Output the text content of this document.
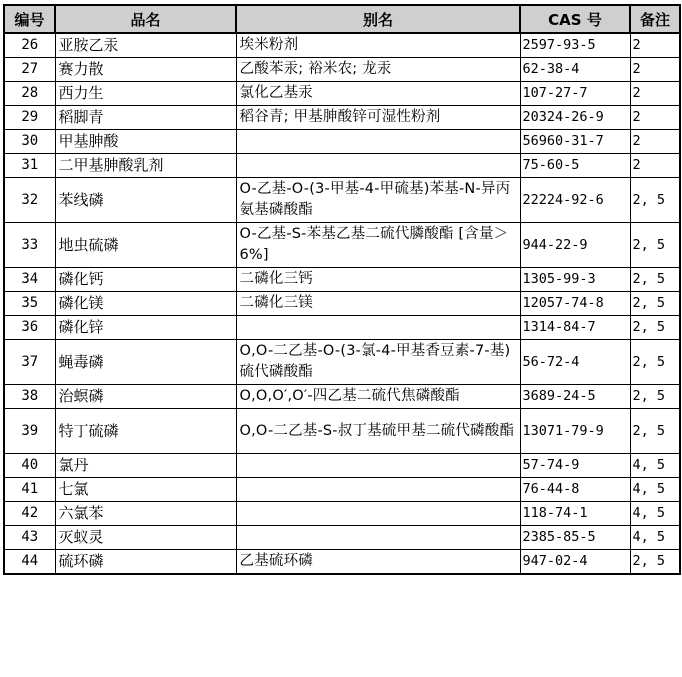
编号	品名	别名	CAS 号	备注
26	亚胺乙汞	埃米粉剂	2597-93-5	2
27	赛力散	乙酸苯汞; 裕米农; 龙汞	62-38-4	2
28	西力生	氯化乙基汞	107-27-7	2
29	稻脚青	稻谷青; 甲基胂酸锌可湿性粉剂	20324-26-9	2
30	甲基胂酸		56960-31-7	2
31	二甲基胂酸乳剂		75-60-5	2
32	苯线磷	O-乙基-O-(3-甲基-4-甲硫基)苯基-N-异丙氨基磷酸酯	22224-92-6	2, 5
33	地虫硫磷	O-乙基-S-苯基乙基二硫代膦酸酯 [含量＞6%]	944-22-9	2, 5
34	磷化钙	二磷化三钙	1305-99-3	2, 5
35	磷化镁	二磷化三镁	12057-74-8	2, 5
36	磷化锌		1314-84-7	2, 5
37	蝇毒磷	O,O-二乙基-O-(3-氯-4-甲基香豆素-7-基)硫代磷酸酯	56-72-4	2, 5
38	治螟磷	O,O,O′,O′-四乙基二硫代焦磷酸酯	3689-24-5	2, 5
39	特丁硫磷	O,O-二乙基-S-叔丁基硫甲基二硫代磷酸酯	13071-79-9	2, 5
40	氯丹		57-74-9	4, 5
41	七氯		76-44-8	4, 5
42	六氯苯		118-74-1	4, 5
43	灭蚁灵		2385-85-5	4, 5
44	硫环磷	乙基硫环磷	947-02-4	2, 5
